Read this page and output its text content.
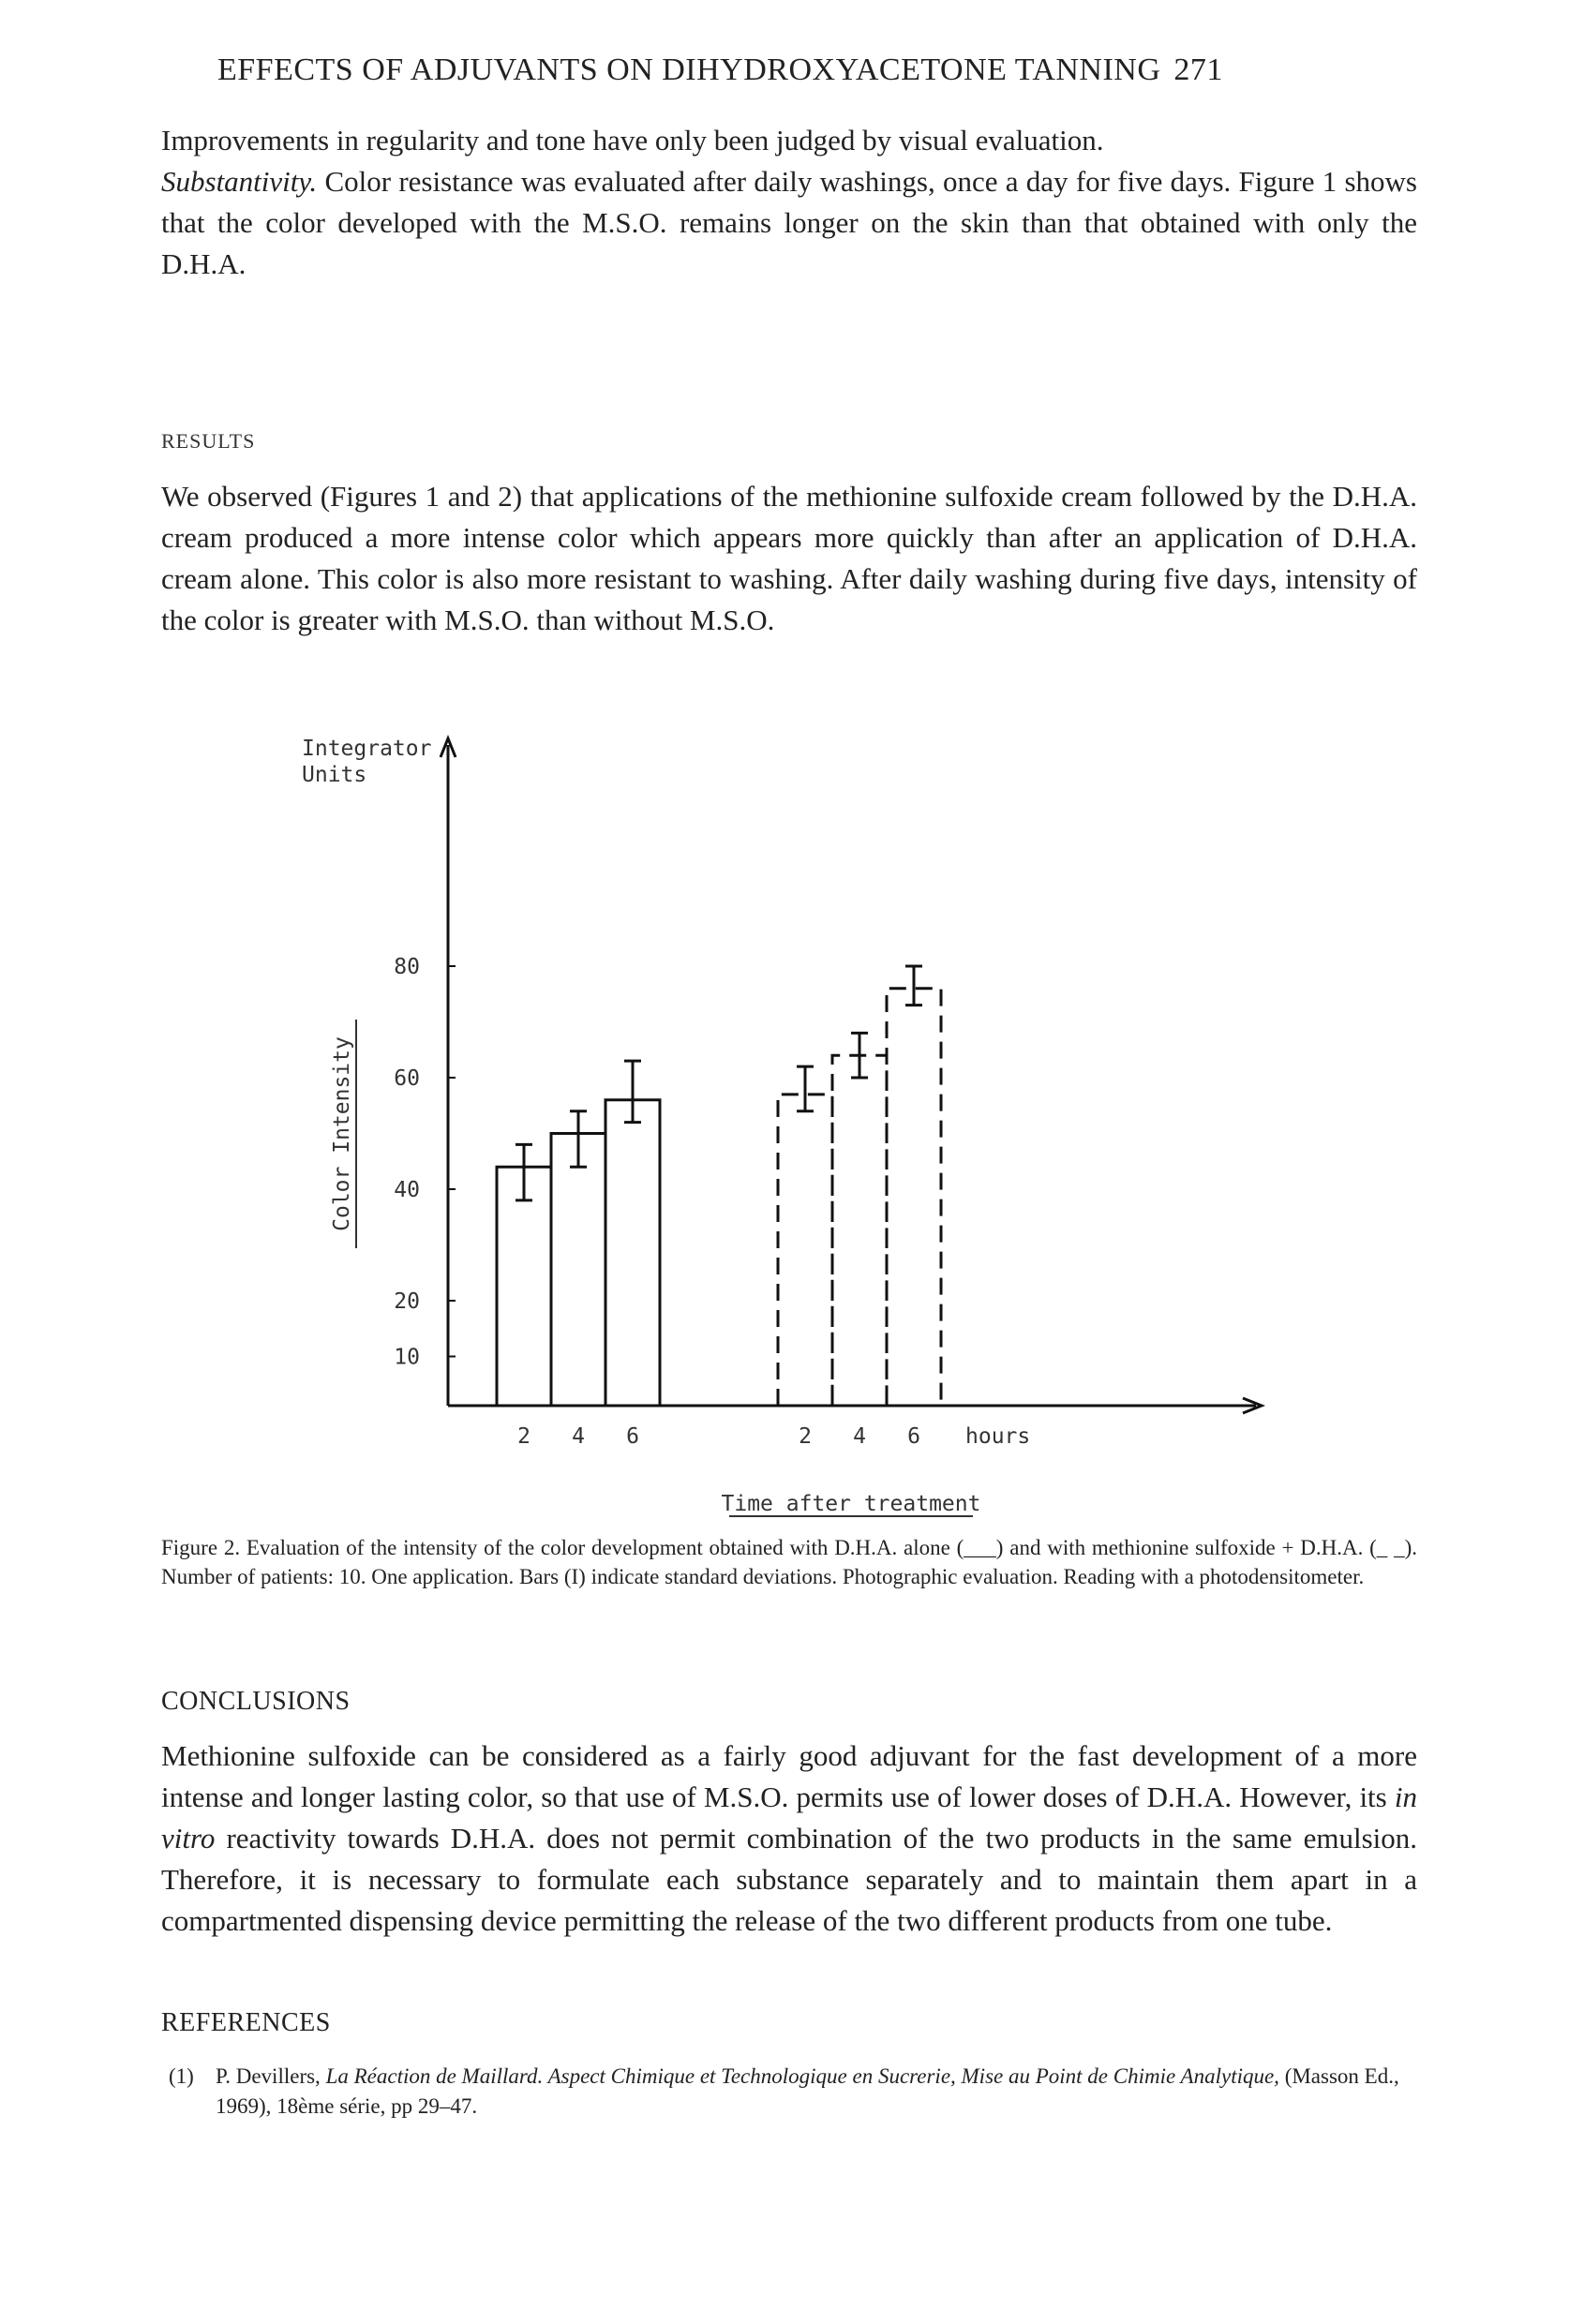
EFFECTS OF ADJUVANTS ON DIHYDROXYACETONE TANNING 271
Improvements in regularity and tone have only been judged by visual evaluation.
Substantivity. Color resistance was evaluated after daily washings, once a day for five days. Figure 1 shows that the color developed with the M.S.O. remains longer on the skin than that obtained with only the D.H.A.
RESULTS
We observed (Figures 1 and 2) that applications of the methionine sulfoxide cream followed by the D.H.A. cream produced a more intense color which appears more quickly than after an application of D.H.A. cream alone. This color is also more resistant to washing. After daily washing during five days, intensity of the color is greater with M.S.O. than without M.S.O.
Integrator
Units
Color Intensity
10
20
40
60
80
2 4 6	2 4 6 hours
Time after treatment
Figure 2. Evaluation of the intensity of the color development obtained with D.H.A. alone (___) and with methionine sulfoxide + D.H.A. (_ _). Number of patients: 10. One application. Bars (I) indicate standard deviations. Photographic evaluation. Reading with a photodensitometer.
CONCLUSIONS
Methionine sulfoxide can be considered as a fairly good adjuvant for the fast development of a more intense and longer lasting color, so that use of M.S.O. permits use of lower doses of D.H.A. However, its in vitro reactivity towards D.H.A. does not permit combination of the two products in the same emulsion. Therefore, it is necessary to formulate each substance separately and to maintain them apart in a compartmented dispensing device permitting the release of the two different products from one tube.
REFERENCES
(1)	P. Devillers, La Réaction de Maillard. Aspect Chimique et Technologique en Sucrerie, Mise au Point de Chimie Analytique, (Masson Ed., 1969), 18ème série, pp 29–47.
